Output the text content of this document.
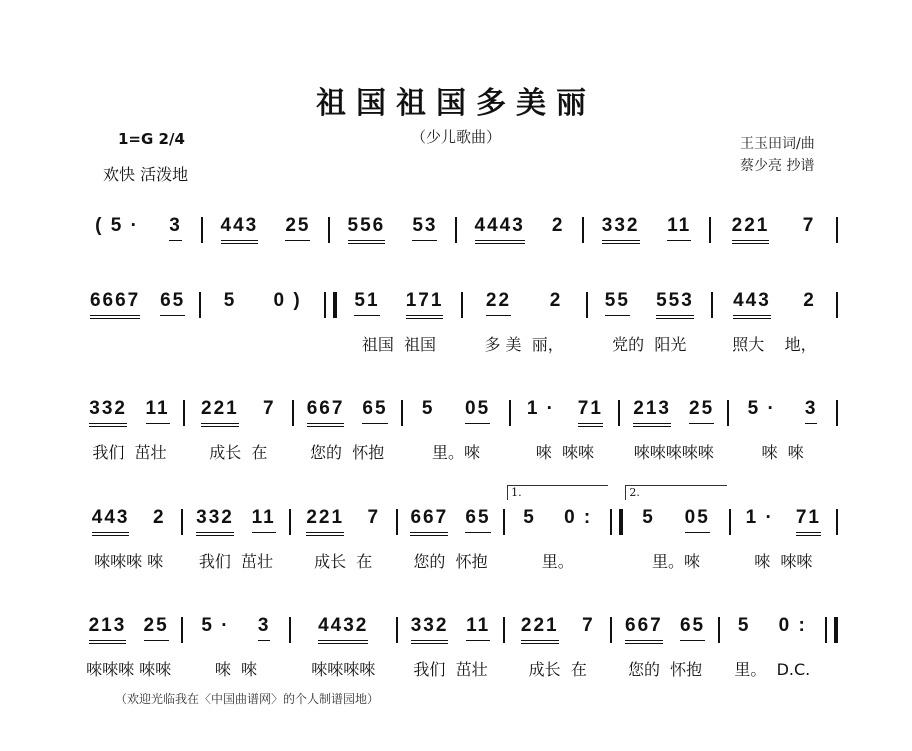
祖国祖国多美丽
（少儿歌曲）
1=G 2/4
欢快 活泼地
王玉田词/曲
蔡少亮 抄谱
( 5 · 3 443 25 556 53 4443 2 332 11 221 7
6667 65 5 0 )	51 171
祖国  祖国
22 2
多 美  丽，
55 553
党的  阳光
443 2
照大    地，
332 11
我们  茁壮
221 7
成长  在
667 65
您的  怀抱
5 05
里。唻
1 · 71
唻  唻唻
213 25
唻唻唻唻唻
5 · 3
唻  唻
443 2
唻唻唻 唻
332 11
我们  茁壮
221 7
成长  在
667 65
您的  怀抱
1.
5 0 :
里。
2.
5 05
里。唻
1 · 71
唻  唻唻
213 25
唻唻唻 唻唻
5 · 3
唻  唻
4432
唻唻唻唻
332 11
我们  茁壮
221 7
成长  在
667 65
您的  怀抱
5 0 :
里。  D.C.
（欢迎光临我在〈中国曲谱网〉的个人制谱园地）
